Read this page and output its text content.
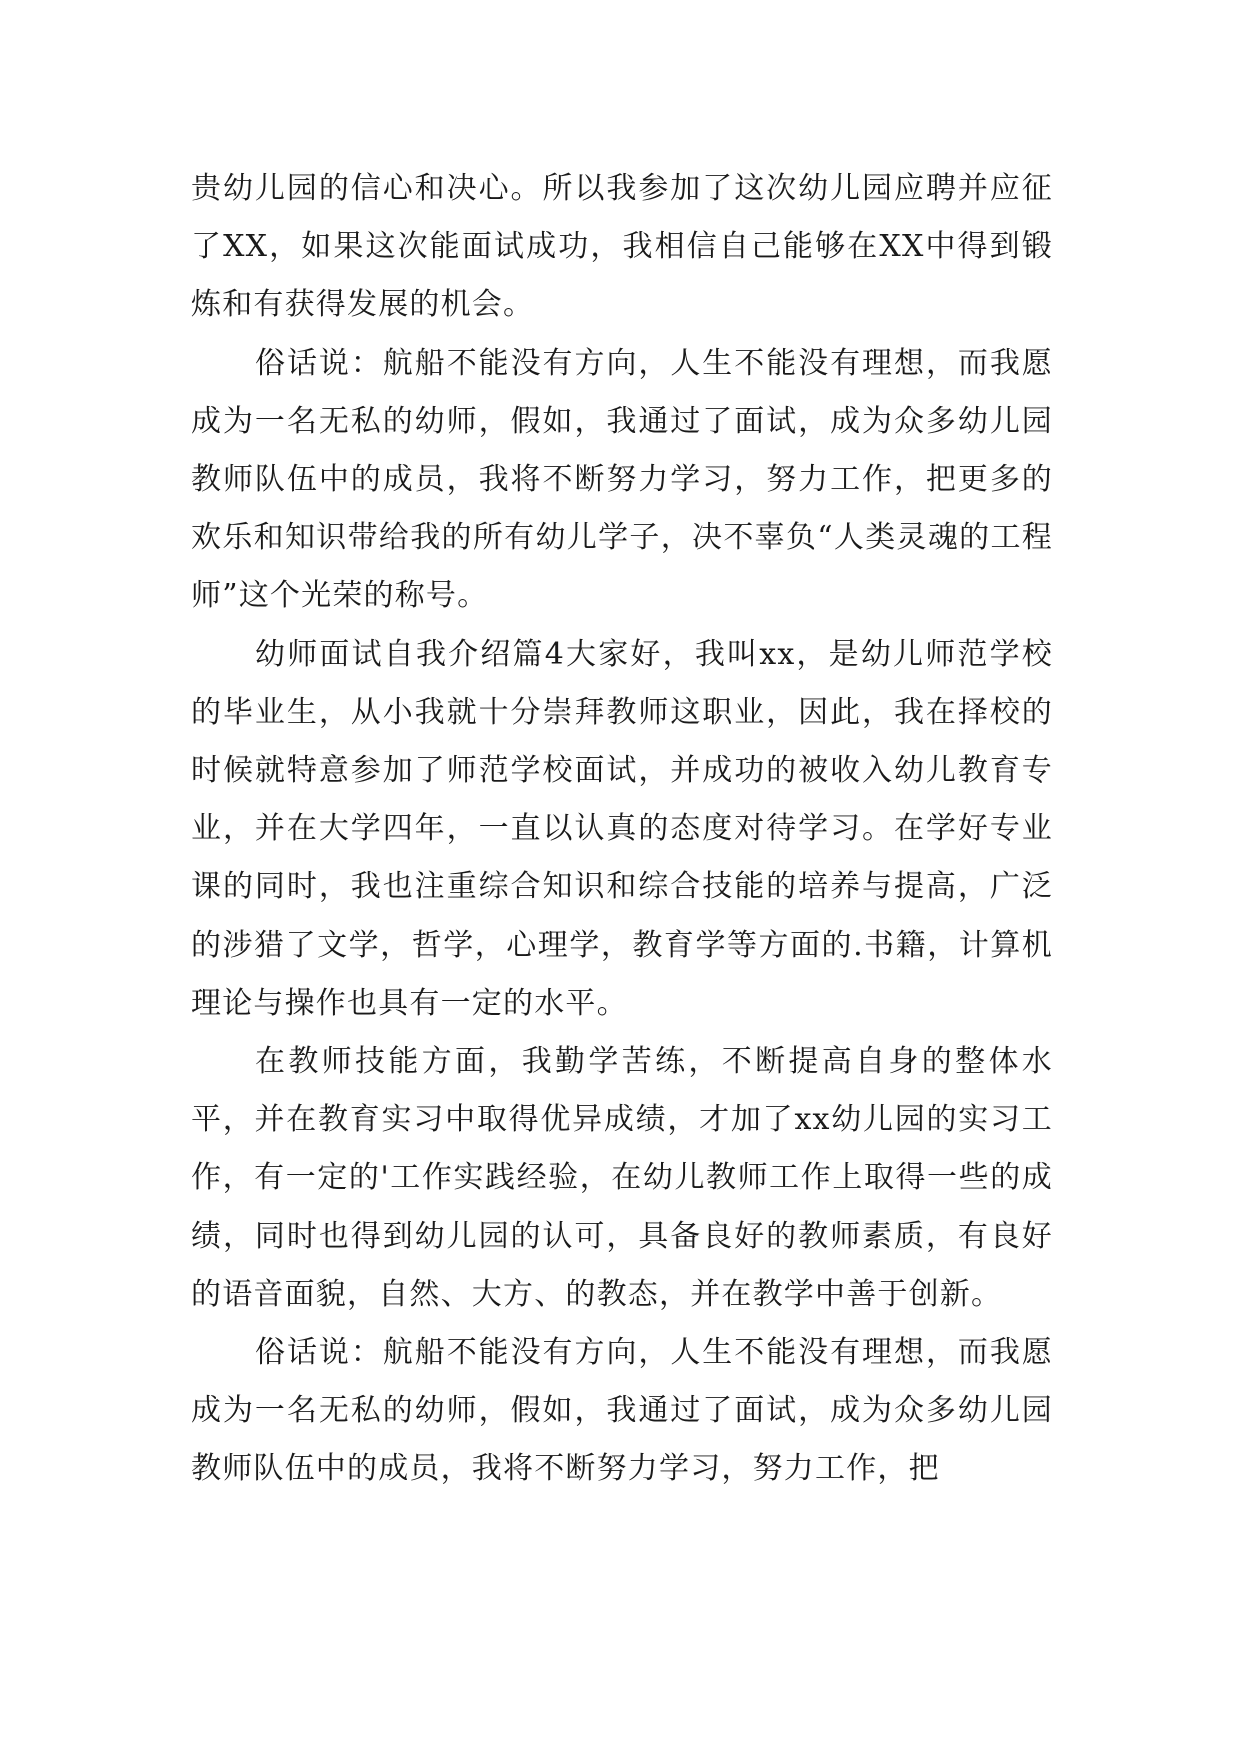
贵幼儿园的信心和决心。所以我参加了这次幼儿园应聘并应征了XX，如果这次能面试成功，我相信自己能够在XX中得到锻炼和有获得发展的机会。

俗话说：航船不能没有方向，人生不能没有理想，而我愿成为一名无私的幼师，假如，我通过了面试，成为众多幼儿园教师队伍中的成员，我将不断努力学习，努力工作，把更多的欢乐和知识带给我的所有幼儿学子，决不辜负“人类灵魂的工程师”这个光荣的称号。

幼师面试自我介绍篇4大家好，我叫xx，是幼儿师范学校的毕业生，从小我就十分崇拜教师这职业，因此，我在择校的时候就特意参加了师范学校面试，并成功的被收入幼儿教育专业，并在大学四年，一直以认真的态度对待学习。在学好专业课的同时，我也注重综合知识和综合技能的培养与提高，广泛的涉猎了文学，哲学，心理学，教育学等方面的.书籍，计算机理论与操作也具有一定的水平。

在教师技能方面，我勤学苦练，不断提高自身的整体水平，并在教育实习中取得优异成绩，才加了xx幼儿园的实习工作，有一定的'工作实践经验，在幼儿教师工作上取得一些的成绩，同时也得到幼儿园的认可，具备良好的教师素质，有良好的语音面貌，自然、大方、的教态，并在教学中善于创新。

俗话说：航船不能没有方向，人生不能没有理想，而我愿成为一名无私的幼师，假如，我通过了面试，成为众多幼儿园教师队伍中的成员，我将不断努力学习，努力工作，把
